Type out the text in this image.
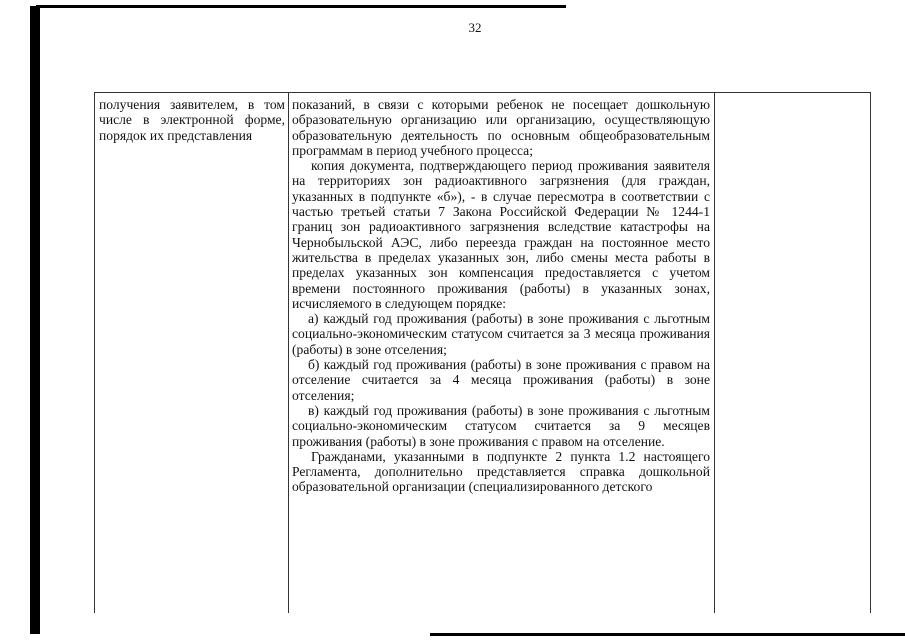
32
получения заявителем, в том числе в электронной форме, порядок их представления

показаний, в связи с которыми ребенок не посещает дошкольную образовательную организацию или организацию, осуществляющую образовательную деятельность по основным общеобразовательным программам в период учебного процесса;

копия документа, подтверждающего период проживания заявителя на территориях зон радиоактивного загрязнения (для граждан, указанных в подпункте «б»), - в случае пересмотра в соответствии с частью третьей статьи 7 Закона Российской Федерации № 1244-1 границ зон радиоактивного загрязнения вследствие катастрофы на Чернобыльской АЭС, либо переезда граждан на постоянное место жительства в пределах указанных зон, либо смены места работы в пределах указанных зон компенсация предоставляется с учетом времени постоянного проживания (работы) в указанных зонах, исчисляемого в следующем порядке:

а) каждый год проживания (работы) в зоне проживания с льготным социально-экономическим статусом считается за 3 месяца проживания (работы) в зоне отселения;

б) каждый год проживания (работы) в зоне проживания с правом на отселение считается за 4 месяца проживания (работы) в зоне отселения;

в) каждый год проживания (работы) в зоне проживания с льготным социально-экономическим статусом считается за 9 месяцев проживания (работы) в зоне проживания с правом на отселение.

Гражданами, указанными в подпункте 2 пункта 1.2 настоящего Регламента, дополнительно представляется справка дошкольной образовательной организации (специализированного детского
